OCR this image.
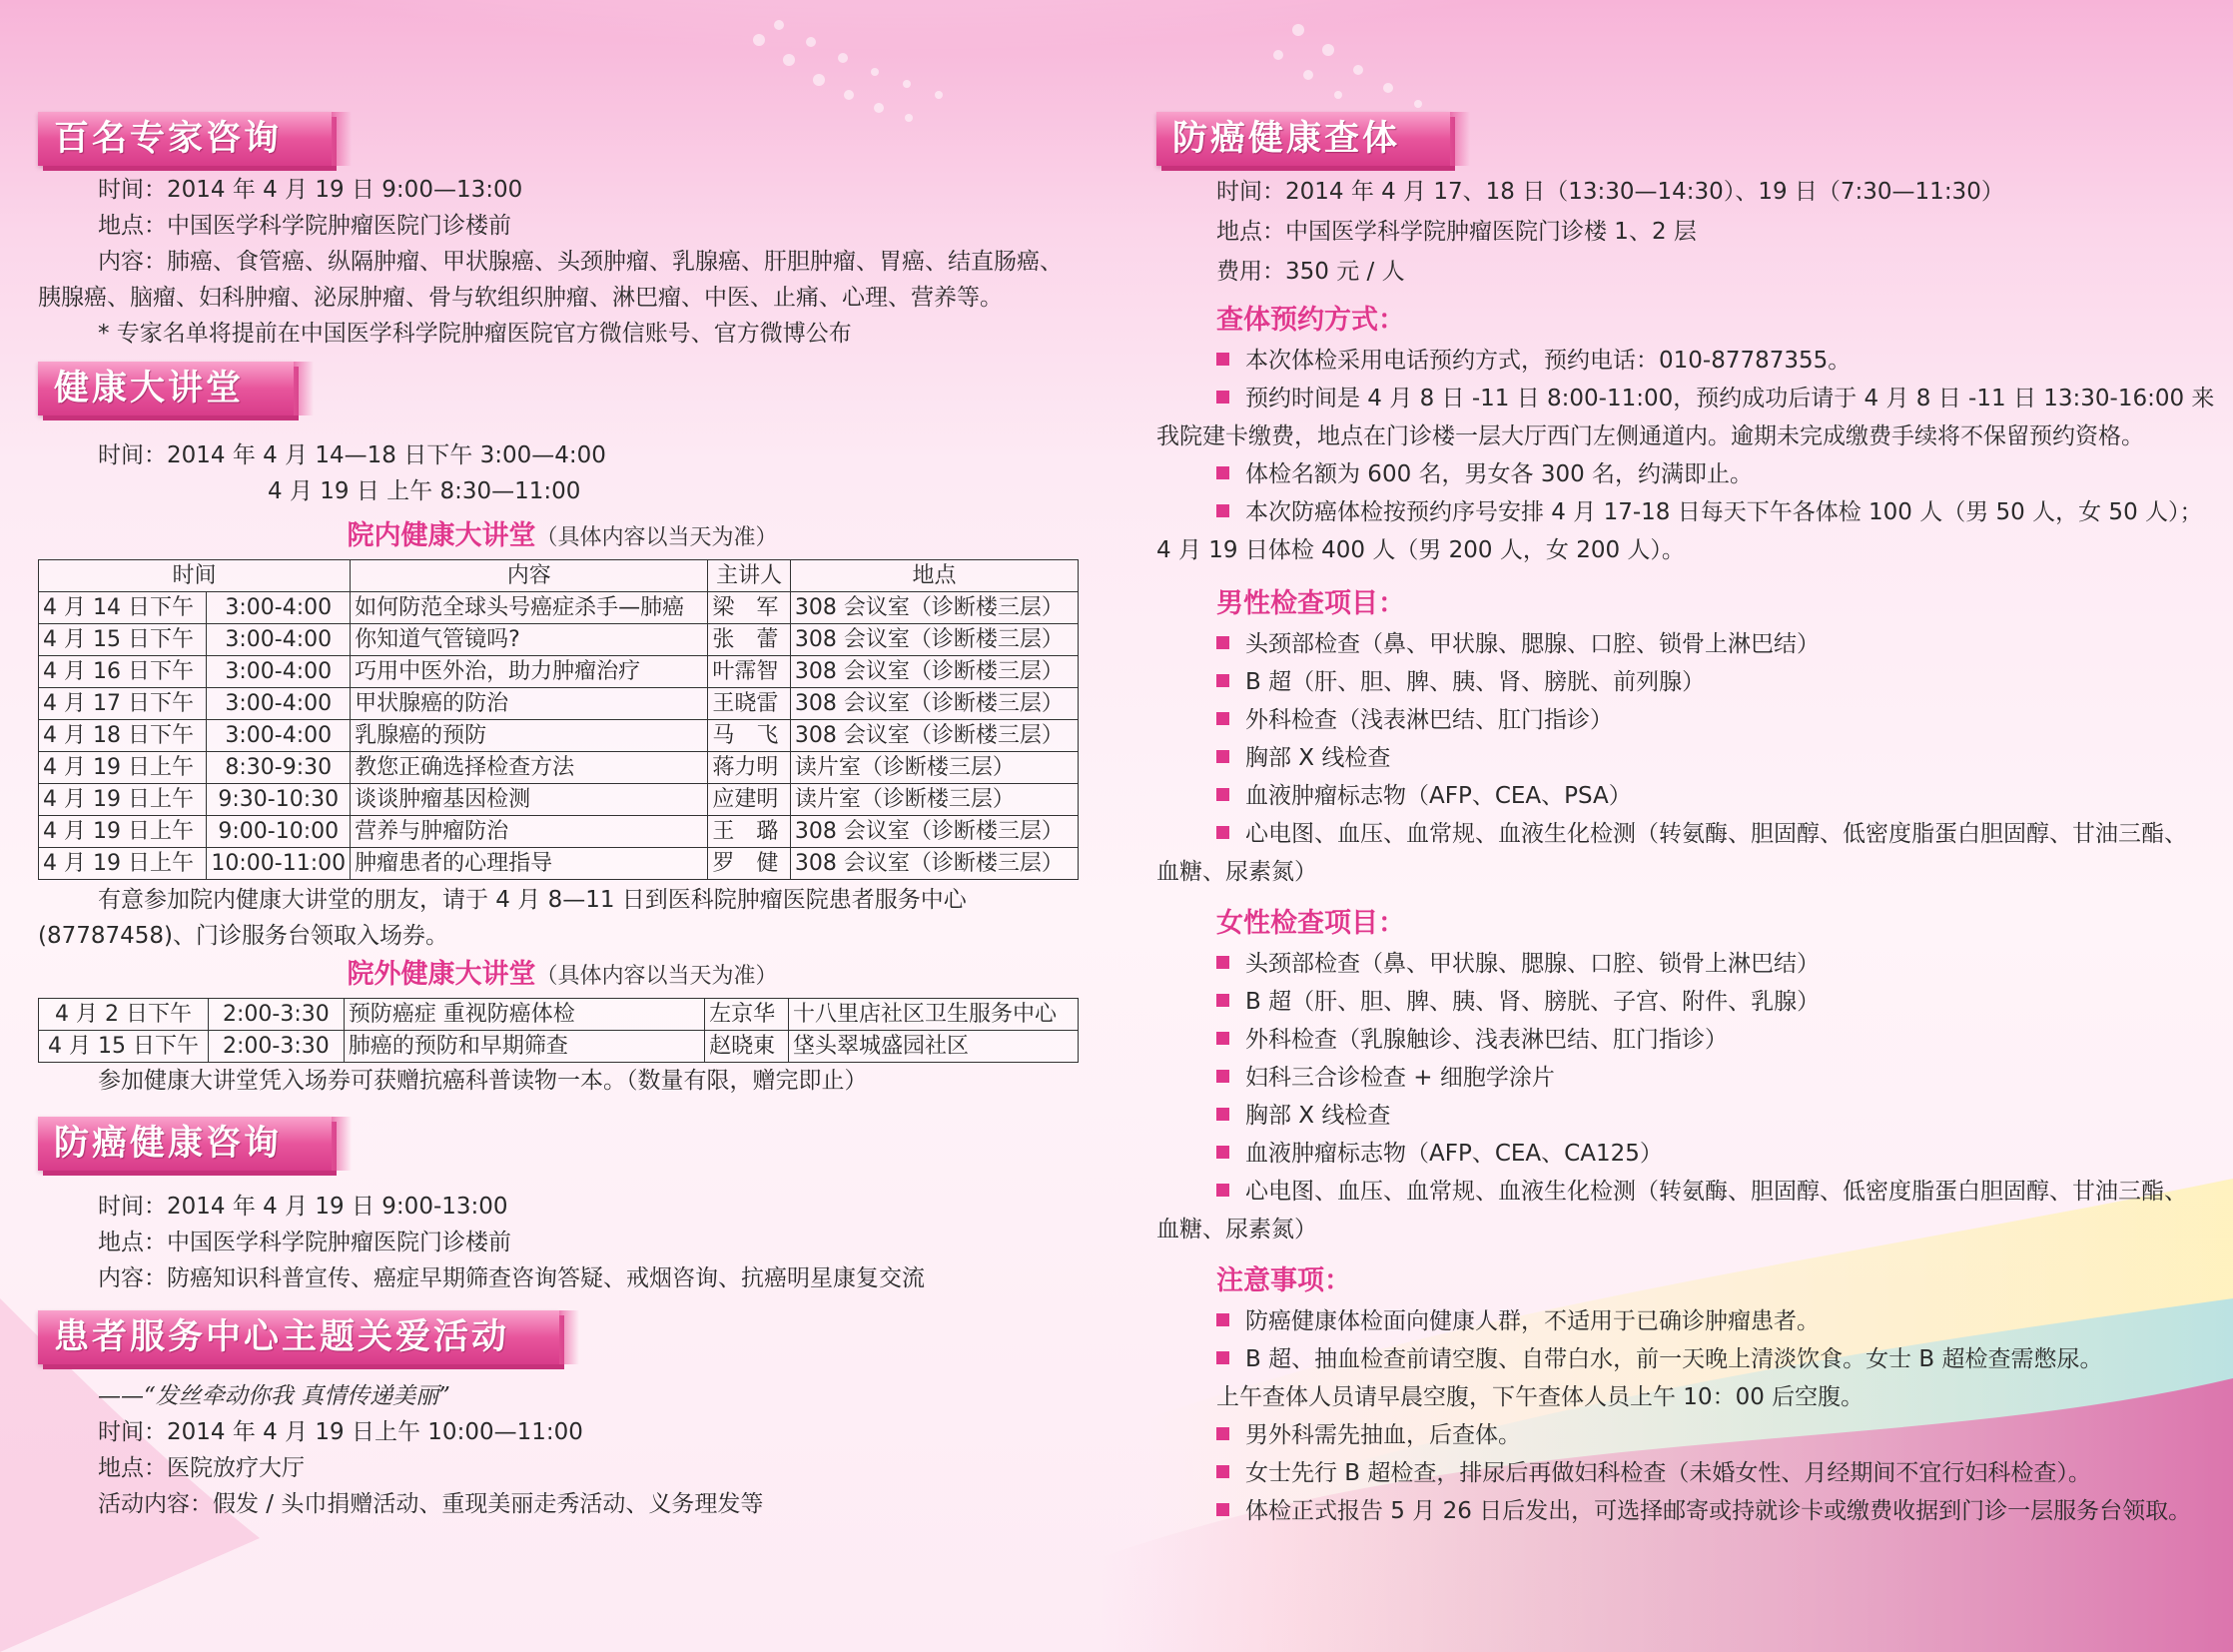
百名专家咨询

时间：2014 年 4 月 19 日 9:00—13:00

地点：中国医学科学院肿瘤医院门诊楼前

内容：肺癌、食管癌、纵隔肿瘤、甲状腺癌、头颈肿瘤、乳腺癌、肝胆肿瘤、胃癌、结直肠癌、

胰腺癌、脑瘤、妇科肿瘤、泌尿肿瘤、骨与软组织肿瘤、淋巴瘤、中医、止痛、心理、营养等。

* 专家名单将提前在中国医学科学院肿瘤医院官方微信账号、官方微博公布

健康大讲堂

时间：2014 年 4 月 14—18 日下午 3:00—4:00

4 月 19 日 上午 8:30—11:00

院内健康大讲堂（具体内容以当天为准）

时间		内容	主讲人	地点
4 月 14 日下午	3:00-4:00	如何防范全球头号癌症杀手—肺癌	梁　军	308 会议室（诊断楼三层）
4 月 15 日下午	3:00-4:00	你知道气管镜吗?	张　蕾	308 会议室（诊断楼三层）
4 月 16 日下午	3:00-4:00	巧用中医外治，助力肿瘤治疗	叶霈智	308 会议室（诊断楼三层）
4 月 17 日下午	3:00-4:00	甲状腺癌的防治	王晓雷	308 会议室（诊断楼三层）
4 月 18 日下午	3:00-4:00	乳腺癌的预防	马　飞	308 会议室（诊断楼三层）
4 月 19 日上午	8:30-9:30	教您正确选择检查方法	蒋力明	读片室（诊断楼三层）
4 月 19 日上午	9:30-10:30	谈谈肿瘤基因检测	应建明	读片室（诊断楼三层）
4 月 19 日上午	9:00-10:00	营养与肿瘤防治	王　璐	308 会议室（诊断楼三层）
4 月 19 日上午	10:00-11:00	肿瘤患者的心理指导	罗　健	308 会议室（诊断楼三层）

有意参加院内健康大讲堂的朋友，请于 4 月 8—11 日到医科院肿瘤医院患者服务中心

(87787458)、门诊服务台领取入场券。

院外健康大讲堂（具体内容以当天为准）

4 月 2 日下午	2:00-3:30	预防癌症 重视防癌体检	左京华	十八里店社区卫生服务中心
4 月 15 日下午	2:00-3:30	肺癌的预防和早期筛查	赵晓東	垡头翠城盛园社区

参加健康大讲堂凭入场券可获赠抗癌科普读物一本。（数量有限，赠完即止）

防癌健康咨询

时间：2014 年 4 月 19 日 9:00-13:00

地点：中国医学科学院肿瘤医院门诊楼前

内容：防癌知识科普宣传、癌症早期筛查咨询答疑、戒烟咨询、抗癌明星康复交流

患者服务中心主题关爱活动

——“发丝牵动你我 真情传递美丽”

时间：2014 年 4 月 19 日上午 10:00—11:00

地点：医院放疗大厅

活动内容：假发 / 头巾捐赠活动、重现美丽走秀活动、义务理发等

防癌健康查体

时间：2014 年 4 月 17、18 日（13:30—14:30）、19 日（7:30—11:30）

地点：中国医学科学院肿瘤医院门诊楼 1、2 层

费用：350 元 / 人

查体预约方式：

本次体检采用电话预约方式，预约电话：010-87787355。

预约时间是 4 月 8 日 -11 日 8:00-11:00，预约成功后请于 4 月 8 日 -11 日 13:30-16:00 来

我院建卡缴费，地点在门诊楼一层大厅西门左侧通道内。逾期未完成缴费手续将不保留预约资格。

体检名额为 600 名，男女各 300 名，约满即止。

本次防癌体检按预约序号安排 4 月 17-18 日每天下午各体检 100 人（男 50 人，女 50 人）；

4 月 19 日体检 400 人（男 200 人，女 200 人）。

男性检查项目：

头颈部检查（鼻、甲状腺、腮腺、口腔、锁骨上淋巴结）

B 超（肝、胆、脾、胰、肾、膀胱、前列腺）

外科检查（浅表淋巴结、肛门指诊）

胸部 X 线检查

血液肿瘤标志物（AFP、CEA、PSA）

心电图、血压、血常规、血液生化检测（转氨酶、胆固醇、低密度脂蛋白胆固醇、甘油三酯、

血糖、尿素氮）

女性检查项目：

头颈部检查（鼻、甲状腺、腮腺、口腔、锁骨上淋巴结）

B 超（肝、胆、脾、胰、肾、膀胱、子宫、附件、乳腺）

外科检查（乳腺触诊、浅表淋巴结、肛门指诊）

妇科三合诊检查 + 细胞学涂片

胸部 X 线检查

血液肿瘤标志物（AFP、CEA、CA125）

心电图、血压、血常规、血液生化检测（转氨酶、胆固醇、低密度脂蛋白胆固醇、甘油三酯、

血糖、尿素氮）

注意事项：

防癌健康体检面向健康人群，不适用于已确诊肿瘤患者。

B 超、抽血检查前请空腹、自带白水，前一天晚上清淡饮食。女士 B 超检查需憋尿。

上午查体人员请早晨空腹，下午查体人员上午 10：00 后空腹。

男外科需先抽血，后查体。

女士先行 B 超检查，排尿后再做妇科检查（未婚女性、月经期间不宜行妇科检查）。

体检正式报告 5 月 26 日后发出，可选择邮寄或持就诊卡或缴费收据到门诊一层服务台领取。
